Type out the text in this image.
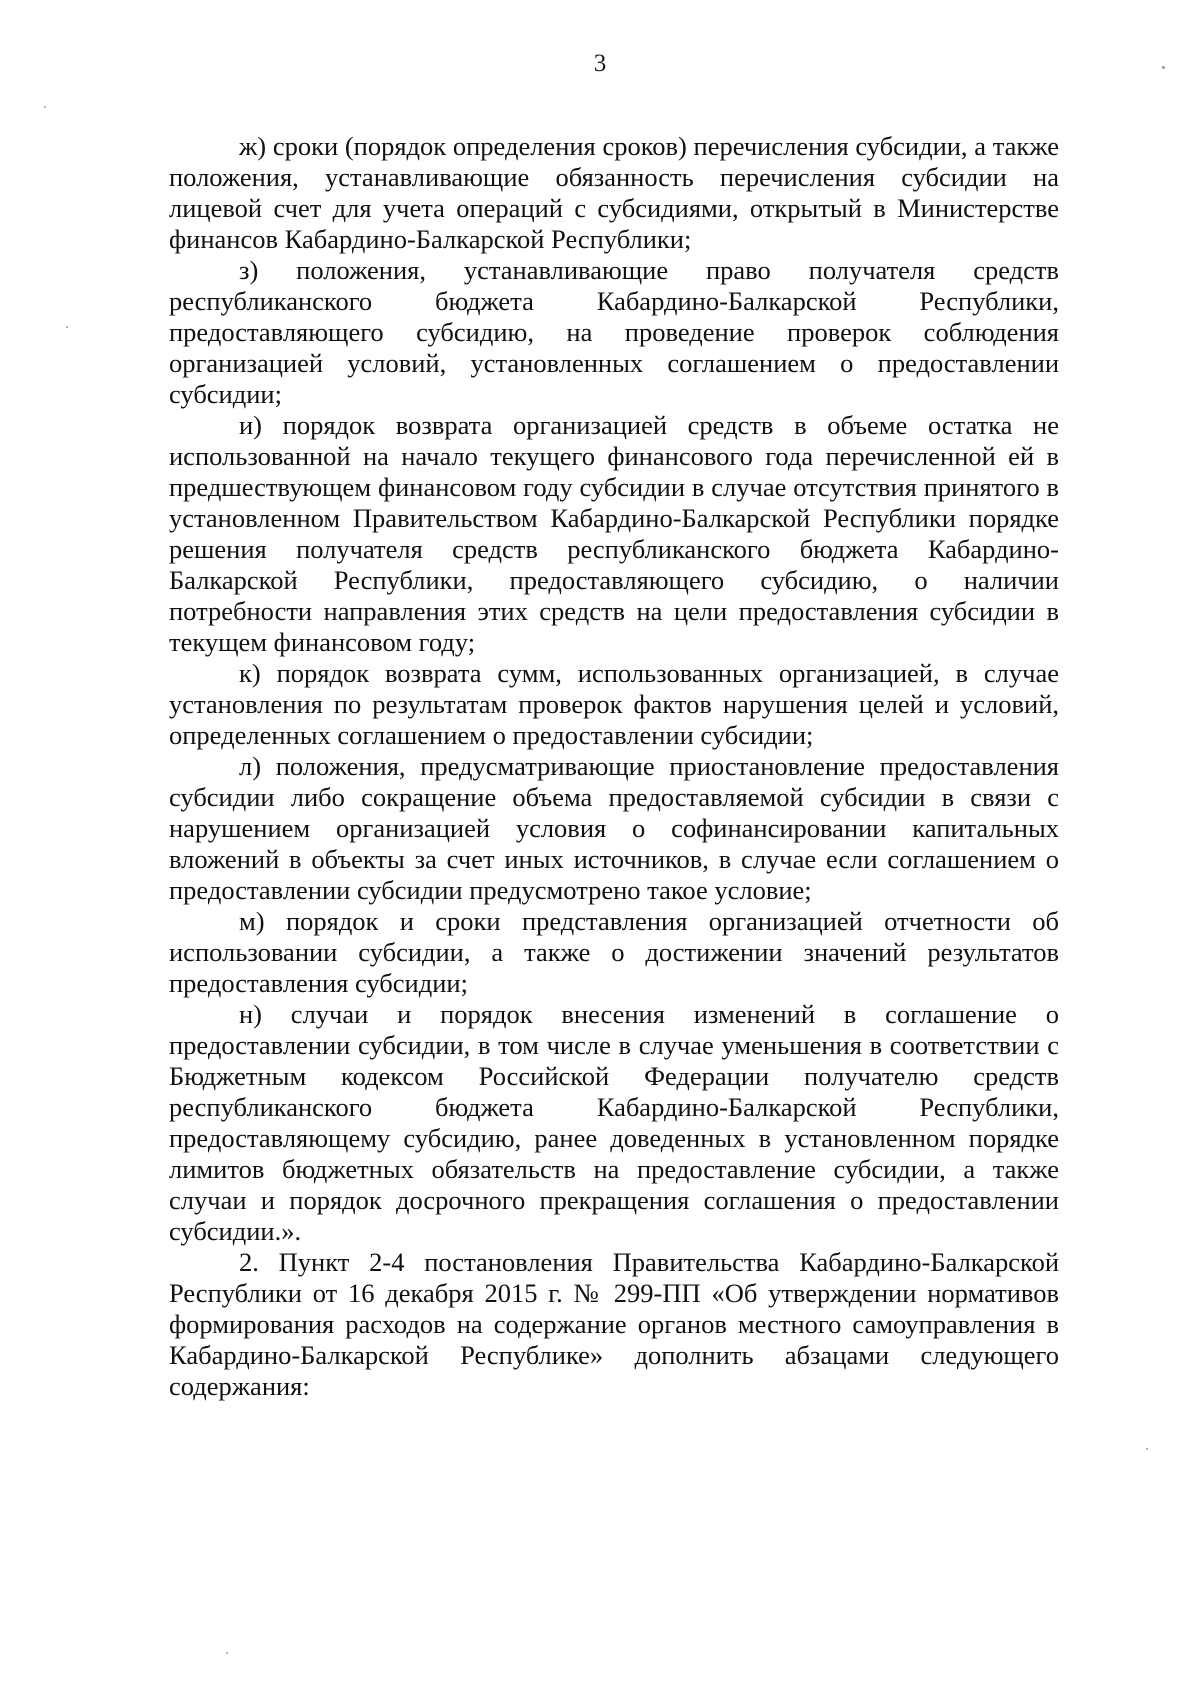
3

ж) сроки (порядок определения сроков) перечисления субсидии, а также положения, устанавливающие обязанность перечисления субсидии на лицевой счет для учета операций с субсидиями, открытый в Министерстве финансов Кабардино-Балкарской Республики;

з) положения, устанавливающие право получателя средств республиканского бюджета Кабардино-Балкарской Республики, предоставляющего субсидию, на проведение проверок соблюдения организацией условий, установленных соглашением о предоставлении субсидии;

и) порядок возврата организацией средств в объеме остатка не использованной на начало текущего финансового года перечисленной ей в предшествующем финансовом году субсидии в случае отсутствия принятого в установленном Правительством Кабардино-Балкарской Республики порядке решения получателя средств республиканского бюджета Кабардино-Балкарской Республики, предоставляющего субсидию, о наличии потребности направления этих средств на цели предоставления субсидии в текущем финансовом году;

к) порядок возврата сумм, использованных организацией, в случае установления по результатам проверок фактов нарушения целей и условий, определенных соглашением о предоставлении субсидии;

л) положения, предусматривающие приостановление предоставления субсидии либо сокращение объема предоставляемой субсидии в связи с нарушением организацией условия о софинансировании капитальных вложений в объекты за счет иных источников, в случае если соглашением о предоставлении субсидии предусмотрено такое условие;

м) порядок и сроки представления организацией отчетности об использовании субсидии, а также о достижении значений результатов предоставления субсидии;

н) случаи и порядок внесения изменений в соглашение о предоставлении субсидии, в том числе в случае уменьшения в соответствии с Бюджетным кодексом Российской Федерации получателю средств республиканского бюджета Кабардино-Балкарской Республики, предоставляющему субсидию, ранее доведенных в установленном порядке лимитов бюджетных обязательств на предоставление субсидии, а также случаи и порядок досрочного прекращения соглашения о предоставлении субсидии.».

2. Пункт 2-4 постановления Правительства Кабардино-Балкарской Республики от 16 декабря 2015 г. № 299-ПП «Об утверждении нормативов формирования расходов на содержание органов местного самоуправления в Кабардино-Балкарской Республике» дополнить абзацами следующего содержания:
